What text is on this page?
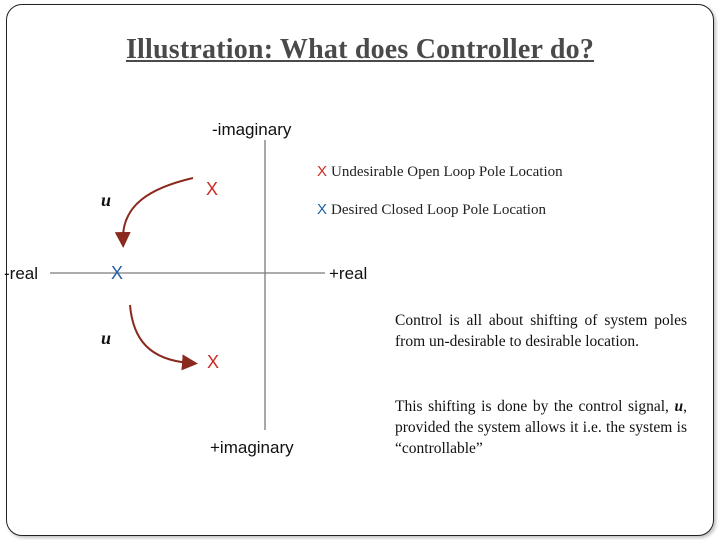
Illustration: What does Controller do?
-imaginary
+imaginary
-real	+real
X
X
X
u
u
X Undesirable Open Loop Pole Location
X Desired Closed Loop Pole Location
Control is all about shifting of system poles from un-desirable to desirable location.
This shifting is done by the control signal, u, provided the system allows it i.e. the system is “controllable”
